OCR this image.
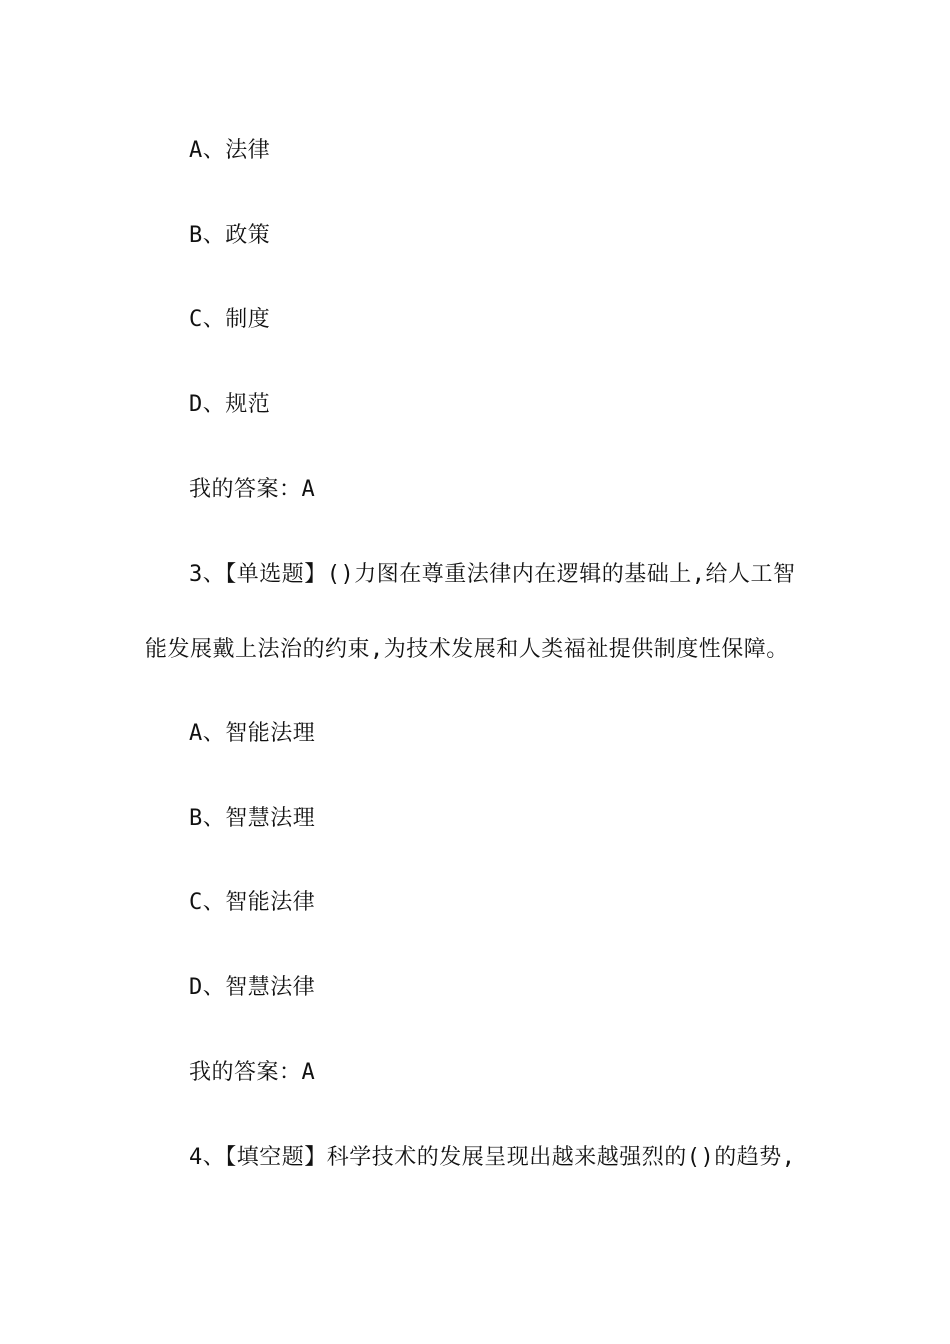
A、法律
B、政策
C、制度
D、规范
我的答案：A
3、【单选题】()力图在尊重法律内在逻辑的基础上,给人工智
能发展戴上法治的约束,为技术发展和人类福祉提供制度性保障。
A、智能法理
B、智慧法理
C、智能法律
D、智慧法律
我的答案：A
4、【填空题】科学技术的发展呈现出越来越强烈的()的趋势,
